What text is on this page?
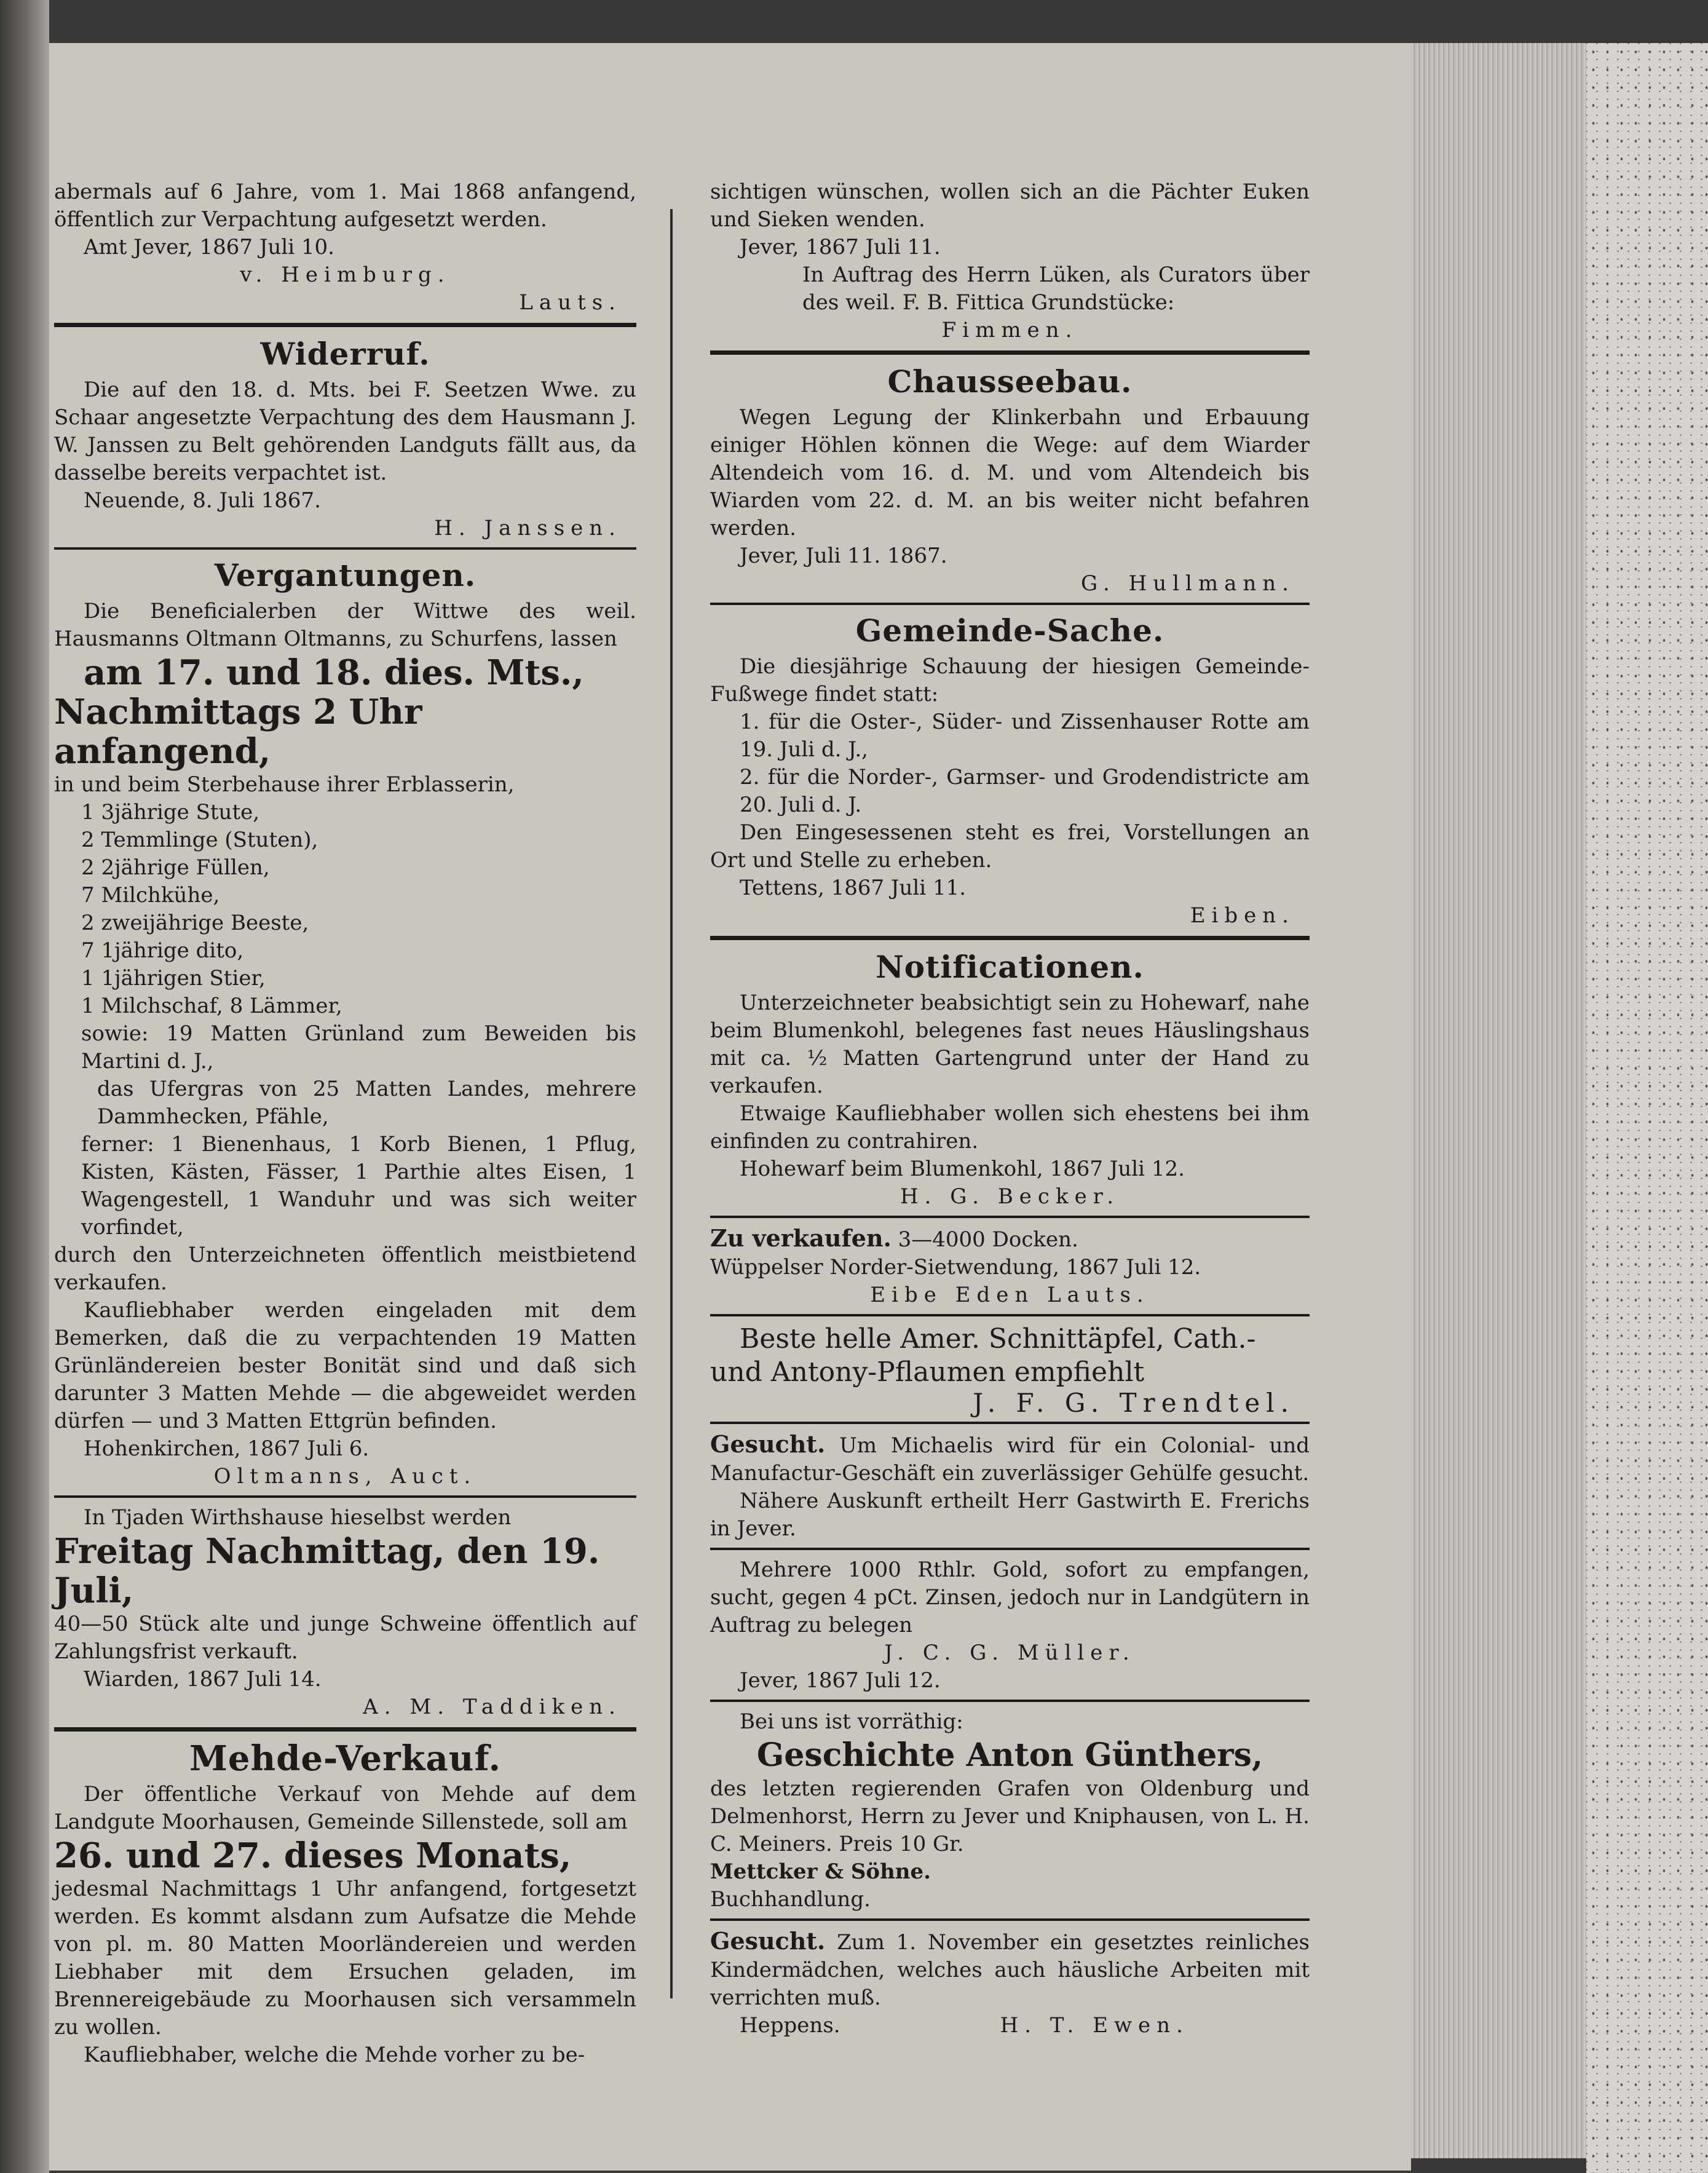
abermals auf 6 Jahre, vom 1. Mai 1868 anfangend, öffentlich zur Verpachtung aufgesetzt werden.

Amt Jever, 1867 Juli 10.

v. Heimburg.

Lauts.

Widerruf.

Die auf den 18. d. Mts. bei F. Seetzen Wwe. zu Schaar angesetzte Verpachtung des dem Hausmann J. W. Janssen zu Belt gehörenden Landguts fällt aus, da dasselbe bereits verpachtet ist.

Neuende, 8. Juli 1867.

H. Janssen.

Vergantungen.

Die Beneficialerben der Wittwe des weil. Hausmanns Oltmann Oltmanns, zu Schurfens, lassen

am 17. und 18. dies. Mts.,

Nachmittags 2 Uhr anfangend,

in und beim Sterbehause ihrer Erblasserin,

1 3jährige Stute,

2 Temmlinge (Stuten),

2 2jährige Füllen,

7 Milchkühe,

2 zweijährige Beeste,

7 1jährige dito,

1 1jährigen Stier,

1 Milchschaf, 8 Lämmer,

sowie: 19 Matten Grünland zum Beweiden bis Martini d. J.,

das Ufergras von 25 Matten Landes, mehrere Dammhecken, Pfähle,

ferner: 1 Bienenhaus, 1 Korb Bienen, 1 Pflug, Kisten, Kästen, Fässer, 1 Parthie altes Eisen, 1 Wagengestell, 1 Wanduhr und was sich weiter vorfindet,

durch den Unterzeichneten öffentlich meistbietend verkaufen.

Kaufliebhaber werden eingeladen mit dem Bemerken, daß die zu verpachtenden 19 Matten Grünländereien bester Bonität sind und daß sich darunter 3 Matten Mehde — die abgeweidet werden dürfen — und 3 Matten Ettgrün befinden.

Hohenkirchen, 1867 Juli 6.

Oltmanns, Auct.

In Tjaden Wirthshause hieselbst werden

Freitag Nachmittag, den 19. Juli,

40—50 Stück alte und junge Schweine öffentlich auf Zahlungsfrist verkauft.

Wiarden, 1867 Juli 14.

A. M. Taddiken.

Mehde-Verkauf.

Der öffentliche Verkauf von Mehde auf dem Landgute Moorhausen, Gemeinde Sillenstede, soll am

26. und 27. dieses Monats,

jedesmal Nachmittags 1 Uhr anfangend, fortgesetzt werden. Es kommt alsdann zum Aufsatze die Mehde von pl. m. 80 Matten Moorländereien und werden Liebhaber mit dem Ersuchen geladen, im Brennereigebäude zu Moorhausen sich versammeln zu wollen.

Kaufliebhaber, welche die Mehde vorher zu be-

sichtigen wünschen, wollen sich an die Pächter Euken und Sieken wenden.

Jever, 1867 Juli 11.

In Auftrag des Herrn Lüken, als Curators über des weil. F. B. Fittica Grundstücke:

Fimmen.

Chausseebau.

Wegen Legung der Klinkerbahn und Erbauung einiger Höhlen können die Wege: auf dem Wiarder Altendeich vom 16. d. M. und vom Altendeich bis Wiarden vom 22. d. M. an bis weiter nicht befahren werden.

Jever, Juli 11. 1867.

G. Hullmann.

Gemeinde-Sache.

Die diesjährige Schauung der hiesigen Gemeinde-Fußwege findet statt:

1. für die Oster-, Süder- und Zissenhauser Rotte am 19. Juli d. J.,

2. für die Norder-, Garmser- und Grodendistricte am 20. Juli d. J.

Den Eingesessenen steht es frei, Vorstellungen an Ort und Stelle zu erheben.

Tettens, 1867 Juli 11.

Eiben.

Notificationen.

Unterzeichneter beabsichtigt sein zu Hohewarf, nahe beim Blumenkohl, belegenes fast neues Häuslingshaus mit ca. ½ Matten Gartengrund unter der Hand zu verkaufen.

Etwaige Kaufliebhaber wollen sich ehestens bei ihm einfinden zu contrahiren.

Hohewarf beim Blumenkohl, 1867 Juli 12.

H. G. Becker.

Zu verkaufen. 3—4000 Docken.

Wüppelser Norder-Sietwendung, 1867 Juli 12.

Eibe Eden Lauts.

Beste helle Amer. Schnittäpfel, Cath.-

und Antony-Pflaumen empfiehlt

J. F. G. Trendtel.

Gesucht. Um Michaelis wird für ein Colonial- und Manufactur-Geschäft ein zuverlässiger Gehülfe gesucht.

Nähere Auskunft ertheilt Herr Gastwirth E. Frerichs in Jever.

Mehrere 1000 Rthlr. Gold, sofort zu empfangen, sucht, gegen 4 pCt. Zinsen, jedoch nur in Landgütern in Auftrag zu belegen

J. C. G. Müller.

Jever, 1867 Juli 12.

Bei uns ist vorräthig:

Geschichte Anton Günthers,

des letzten regierenden Grafen von Oldenburg und Delmenhorst, Herrn zu Jever und Kniphausen, von L. H. C. Meiners. Preis 10 Gr.

Mettcker & Söhne.

Buchhandlung.

Gesucht. Zum 1. November ein gesetztes reinliches Kindermädchen, welches auch häusliche Arbeiten mit verrichten muß.

Heppens.	H. T. Ewen.
